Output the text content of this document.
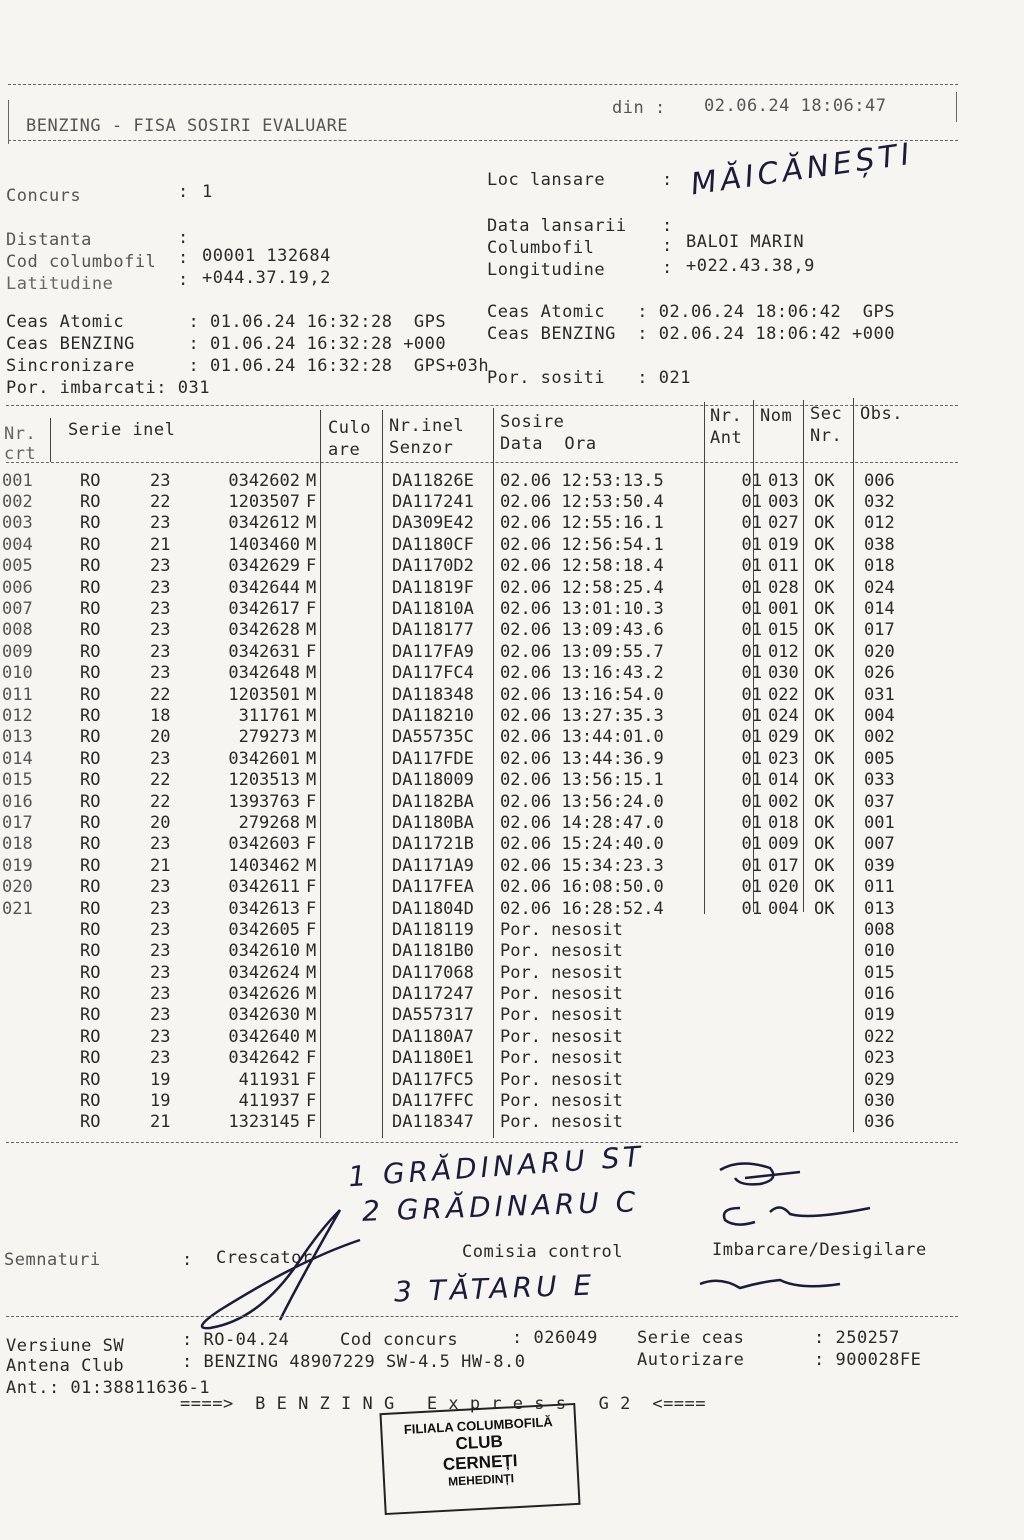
BENZING - FISA SOSIRI EVALUARE
din : 02.06.24 18:06:47
Concurs	: 1
Distanta	:
Cod columbofil : 00001 132684
Latitudine	: +044.37.19,2
Loc lansare	: MĂICĂNEȘTI
Data lansarii :
Columbofil	: BALOI MARIN
Longitudine	: +022.43.38,9
Ceas Atomic      : 01.06.24 16:32:28  GPS
Ceas BENZING     : 01.06.24 16:32:28 +000
Sincronizare     : 01.06.24 16:32:28  GPS+03h
Por. imbarcati: 031
Ceas Atomic   : 02.06.24 18:06:42  GPS
Ceas BENZING  : 02.06.24 18:06:42 +000
Por. sositi   : 021
Nr.
crt
Serie inel	Culo
are
Nr.inel
Senzor
Sosire
Data  Ora
Nr.
Ant
Nom Sec
Nr.
Obs.
001	RO	23	0342602	M		DA11826E	02.06 12:53:13.5	01	013	OK	006
002	RO	22	1203507	F		DA117241	02.06 12:53:50.4	01	003	OK	032
003	RO	23	0342612	M		DA309E42	02.06 12:55:16.1	01	027	OK	012
004	RO	21	1403460	M		DA1180CF	02.06 12:56:54.1	01	019	OK	038
005	RO	23	0342629	F		DA1170D2	02.06 12:58:18.4	01	011	OK	018
006	RO	23	0342644	M		DA11819F	02.06 12:58:25.4	01	028	OK	024
007	RO	23	0342617	F		DA11810A	02.06 13:01:10.3	01	001	OK	014
008	RO	23	0342628	M		DA118177	02.06 13:09:43.6	01	015	OK	017
009	RO	23	0342631	F		DA117FA9	02.06 13:09:55.7	01	012	OK	020
010	RO	23	0342648	M		DA117FC4	02.06 13:16:43.2	01	030	OK	026
011	RO	22	1203501	M		DA118348	02.06 13:16:54.0	01	022	OK	031
012	RO	18	311761	M		DA118210	02.06 13:27:35.3	01	024	OK	004
013	RO	20	279273	M		DA55735C	02.06 13:44:01.0	01	029	OK	002
014	RO	23	0342601	M		DA117FDE	02.06 13:44:36.9	01	023	OK	005
015	RO	22	1203513	M		DA118009	02.06 13:56:15.1	01	014	OK	033
016	RO	22	1393763	F		DA1182BA	02.06 13:56:24.0	01	002	OK	037
017	RO	20	279268	M		DA1180BA	02.06 14:28:47.0	01	018	OK	001
018	RO	23	0342603	F		DA11721B	02.06 15:24:40.0	01	009	OK	007
019	RO	21	1403462	M		DA1171A9	02.06 15:34:23.3	01	017	OK	039
020	RO	23	0342611	F		DA117FEA	02.06 16:08:50.0	01	020	OK	011
021	RO	23	0342613	F		DA11804D	02.06 16:28:52.4	01	004	OK	013
	RO	23	0342605	F		DA118119	Por. nesosit				008
	RO	23	0342610	M		DA1181B0	Por. nesosit				010
	RO	23	0342624	M		DA117068	Por. nesosit				015
	RO	23	0342626	M		DA117247	Por. nesosit				016
	RO	23	0342630	M		DA557317	Por. nesosit				019
	RO	23	0342640	M		DA1180A7	Por. nesosit				022
	RO	23	0342642	F		DA1180E1	Por. nesosit				023
	RO	19	411931	F		DA117FC5	Por. nesosit				029
	RO	19	411937	F		DA117FFC	Por. nesosit				030
	RO	21	1323145	F		DA118347	Por. nesosit				036
1 GRĂDINARU ST
2 GRĂDINARU C
3 TĂTARU E
Semnaturi	: Crescator	Comisia control	Imbarcare/Desigilare
Versiune SW	: RO-04.24	Cod concurs	: 026049 Serie ceas	: 250257
Antena Club	: BENZING 48907229 SW-4.5 HW-8.0	Autorizare	: 900028FE
Ant.: 01:38811636-1
====>  B E N Z I N G   E x p r e s s   G 2  <====
FILIALA COLUMBOFILĂ
CLUB
CERNEȚI
MEHEDINȚI
